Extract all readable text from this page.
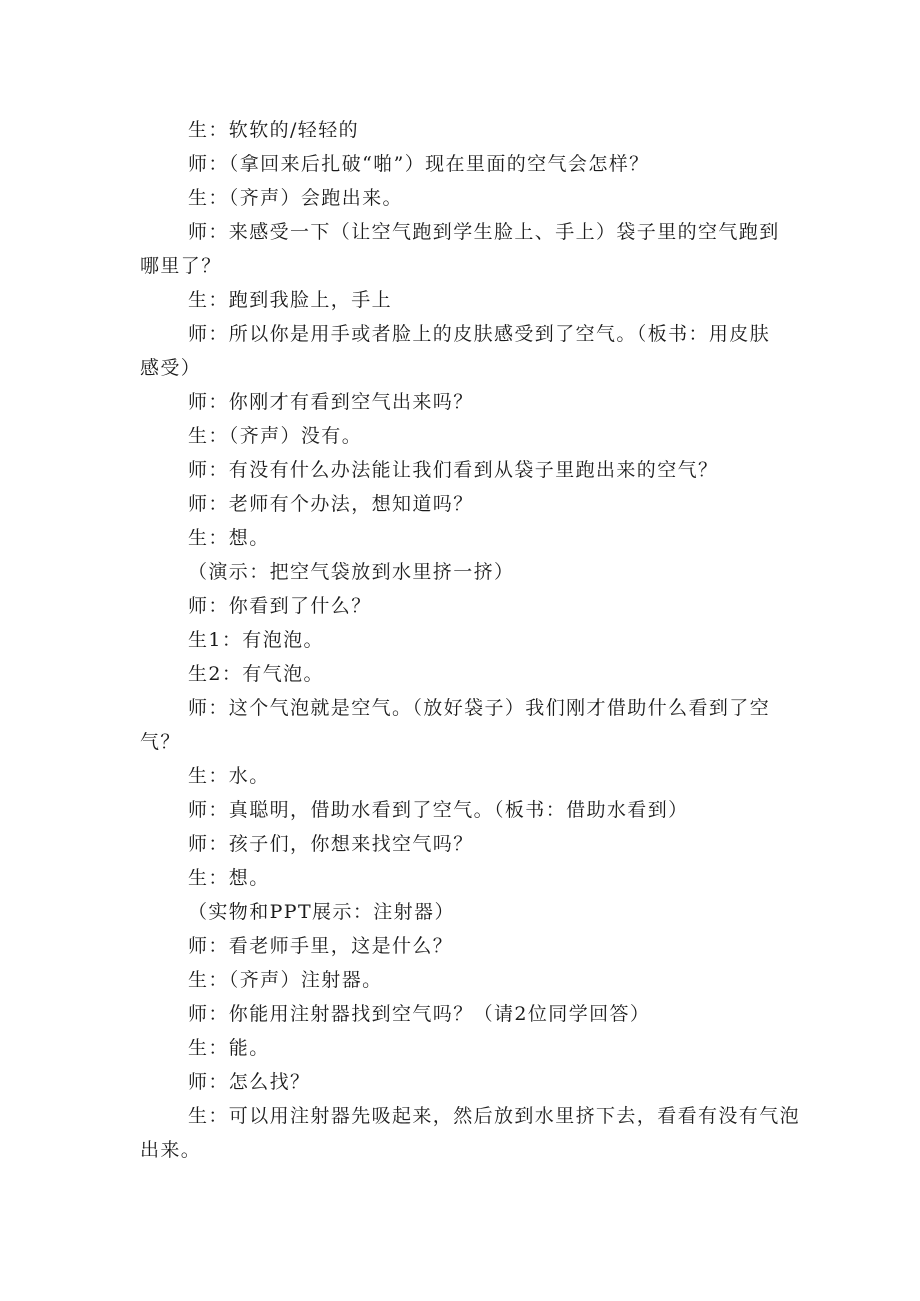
生：软软的/轻轻的
师：（拿回来后扎破“啪”）现在里面的空气会怎样？
生：（齐声）会跑出来。
师：来感受一下（让空气跑到学生脸上、手上）袋子里的空气跑到
哪里了？
生：跑到我脸上，手上
师：所以你是用手或者脸上的皮肤感受到了空气。（板书：用皮肤
感受）
师：你刚才有看到空气出来吗？
生：（齐声）没有。
师：有没有什么办法能让我们看到从袋子里跑出来的空气？
师：老师有个办法，想知道吗？
生：想。
（演示：把空气袋放到水里挤一挤）
师：你看到了什么？
生1：有泡泡。
生2：有气泡。
师：这个气泡就是空气。（放好袋子）我们刚才借助什么看到了空
气？
生：水。
师：真聪明，借助水看到了空气。（板书：借助水看到）
师：孩子们，你想来找空气吗？
生：想。
（实物和PPT展示：注射器）
师：看老师手里，这是什么？
生：（齐声）注射器。
师：你能用注射器找到空气吗？（请2位同学回答）
生：能。
师：怎么找？
生：可以用注射器先吸起来，然后放到水里挤下去，看看有没有气泡
出来。
